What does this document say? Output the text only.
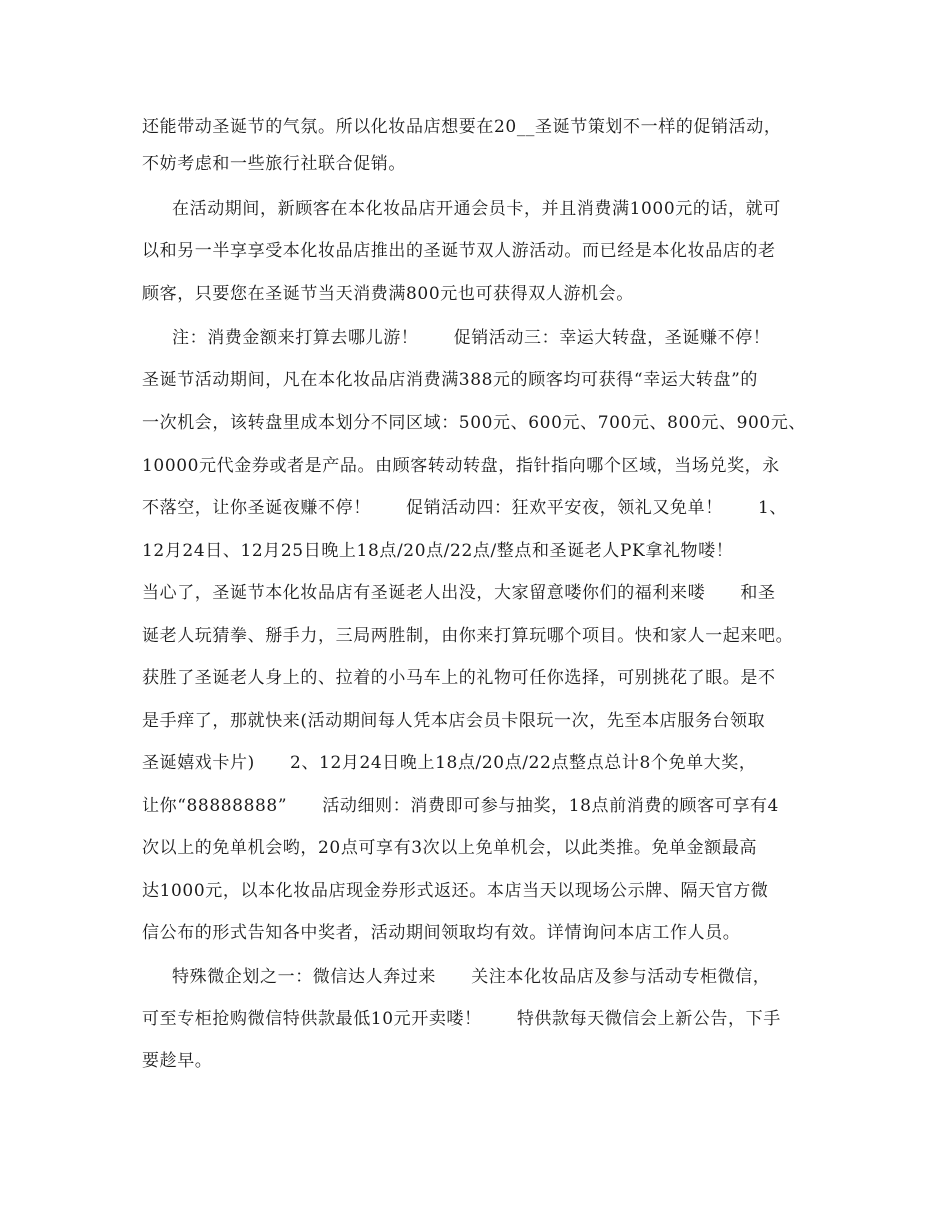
还能带动圣诞节的气氛。所以化妆品店想要在20__圣诞节策划不一样的促销活动，
不妨考虑和一些旅行社联合促销。
在活动期间，新顾客在本化妆品店开通会员卡，并且消费满1000元的话，就可
以和另一半享享受本化妆品店推出的圣诞节双人游活动。而已经是本化妆品店的老
顾客，只要您在圣诞节当天消费满800元也可获得双人游机会。
注：消费金额来打算去哪儿游！　　促销活动三：幸运大转盘，圣诞赚不停！
圣诞节活动期间，凡在本化妆品店消费满388元的顾客均可获得“幸运大转盘”的
一次机会，该转盘里成本划分不同区域：500元、600元、700元、800元、900元、
10000元代金券或者是产品。由顾客转动转盘，指针指向哪个区域，当场兑奖，永
不落空，让你圣诞夜赚不停！　　促销活动四：狂欢平安夜，领礼又免单！　　1、
12月24日、12月25日晚上18点/20点/22点/整点和圣诞老人PK拿礼物喽！
当心了，圣诞节本化妆品店有圣诞老人出没，大家留意喽你们的福利来喽　　和圣
诞老人玩猜拳、掰手力，三局两胜制，由你来打算玩哪个项目。快和家人一起来吧。
获胜了圣诞老人身上的、拉着的小马车上的礼物可任你选择，可别挑花了眼。是不
是手痒了，那就快来(活动期间每人凭本店会员卡限玩一次，先至本店服务台领取
圣诞嬉戏卡片)　　2、12月24日晚上18点/20点/22点整点总计8个免单大奖，
让你“88888888”　　活动细则：消费即可参与抽奖，18点前消费的顾客可享有4
次以上的免单机会哟，20点可享有3次以上免单机会，以此类推。免单金额最高
达1000元，以本化妆品店现金券形式返还。本店当天以现场公示牌、隔天官方微
信公布的形式告知各中奖者，活动期间领取均有效。详情询问本店工作人员。
特殊微企划之一：微信达人奔过来　　关注本化妆品店及参与活动专柜微信，
可至专柜抢购微信特供款最低10元开卖喽！　　特供款每天微信会上新公告，下手
要趁早。
